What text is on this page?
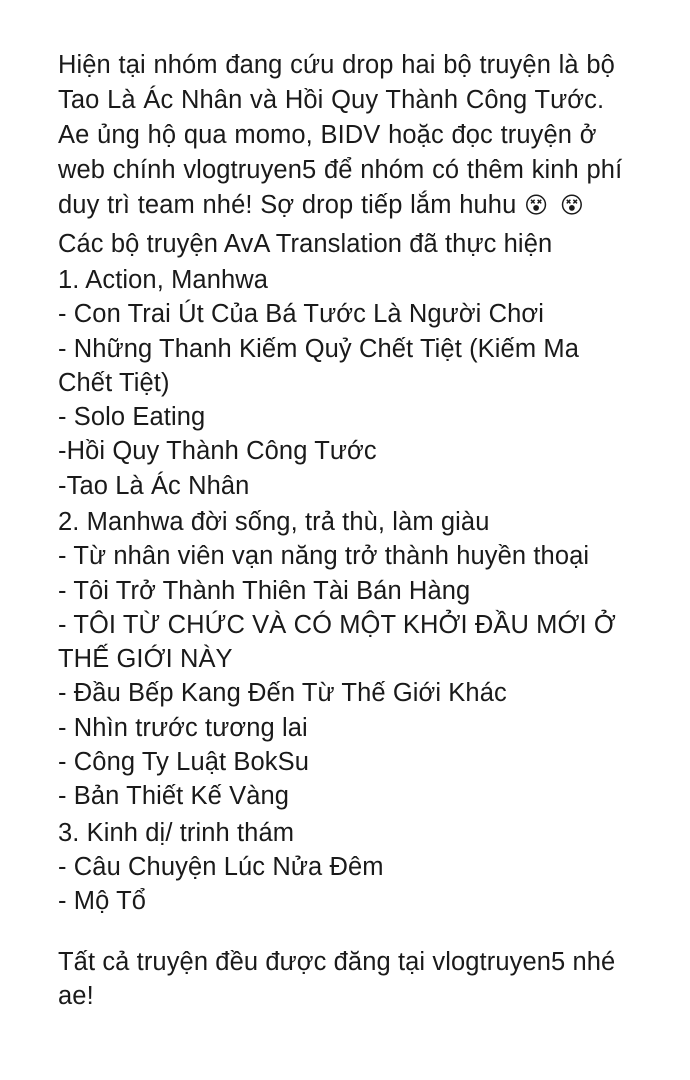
Hiện tại nhóm đang cứu drop hai bộ truyện là bộ Tao Là Ác Nhân và Hồi Quy Thành Công Tước. Ae ủng hộ qua momo, BIDV hoặc đọc truyện ở web chính vlogtruyen5 để nhóm có thêm kinh phí duy trì team nhé! Sợ drop tiếp lắm huhu 😵 😵

Các bộ truyện AvA Translation đã thực hiện

1. Action, Manhwa

- Con Trai Út Của Bá Tước Là Người Chơi

- Những Thanh Kiếm Quỷ Chết Tiệt (Kiếm Ma Chết Tiệt)

- Solo Eating

-Hồi Quy Thành Công Tước

-Tao Là Ác Nhân

2. Manhwa đời sống, trả thù, làm giàu

- Từ nhân viên vạn năng trở thành huyền thoại

- Tôi Trở Thành Thiên Tài Bán Hàng

- TÔI TỪ CHỨC VÀ CÓ MỘT KHỞI ĐẦU MỚI Ở THẾ GIỚI NÀY

- Đầu Bếp Kang Đến Từ Thế Giới Khác

- Nhìn trước tương lai

- Công Ty Luật BokSu

- Bản Thiết Kế Vàng

3. Kinh dị/ trinh thám

- Câu Chuyện Lúc Nửa Đêm

- Mộ Tổ

Tất cả truyện đều được đăng tại vlogtruyen5 nhé ae!
